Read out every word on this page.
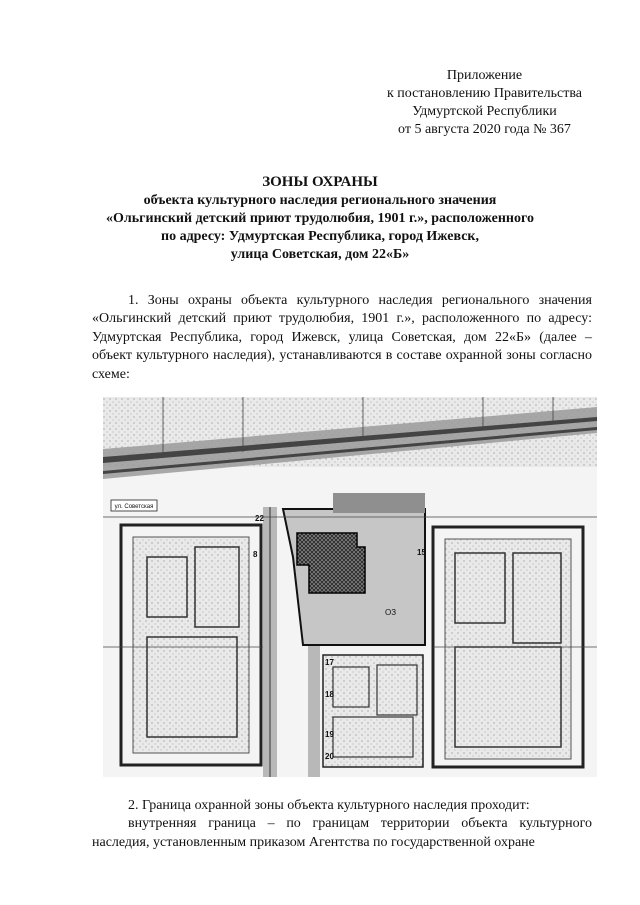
Приложение
к постановлению Правительства
Удмуртской Республики
от 5 августа 2020 года № 367
ЗОНЫ ОХРАНЫ
объекта культурного наследия регионального значения
«Ольгинский детский приют трудолюбия, 1901 г.», расположенного
по адресу: Удмуртская Республика, город Ижевск,
улица Советская, дом 22«Б»
1. Зоны охраны объекта культурного наследия регионального значения «Ольгинский детский приют трудолюбия, 1901 г.», расположенного по адресу: Удмуртская Республика, город Ижевск, улица Советская, дом 22«Б» (далее – объект культурного наследия), устанавливаются в составе охранной зоны согласно схеме:
ул. Советская
ОЗ
22
15
17
18
19
20
8
2. Граница охранной зоны объекта культурного наследия проходит:
внутренняя граница – по границам территории объекта культурного наследия, установленным приказом Агентства по государственной охране
